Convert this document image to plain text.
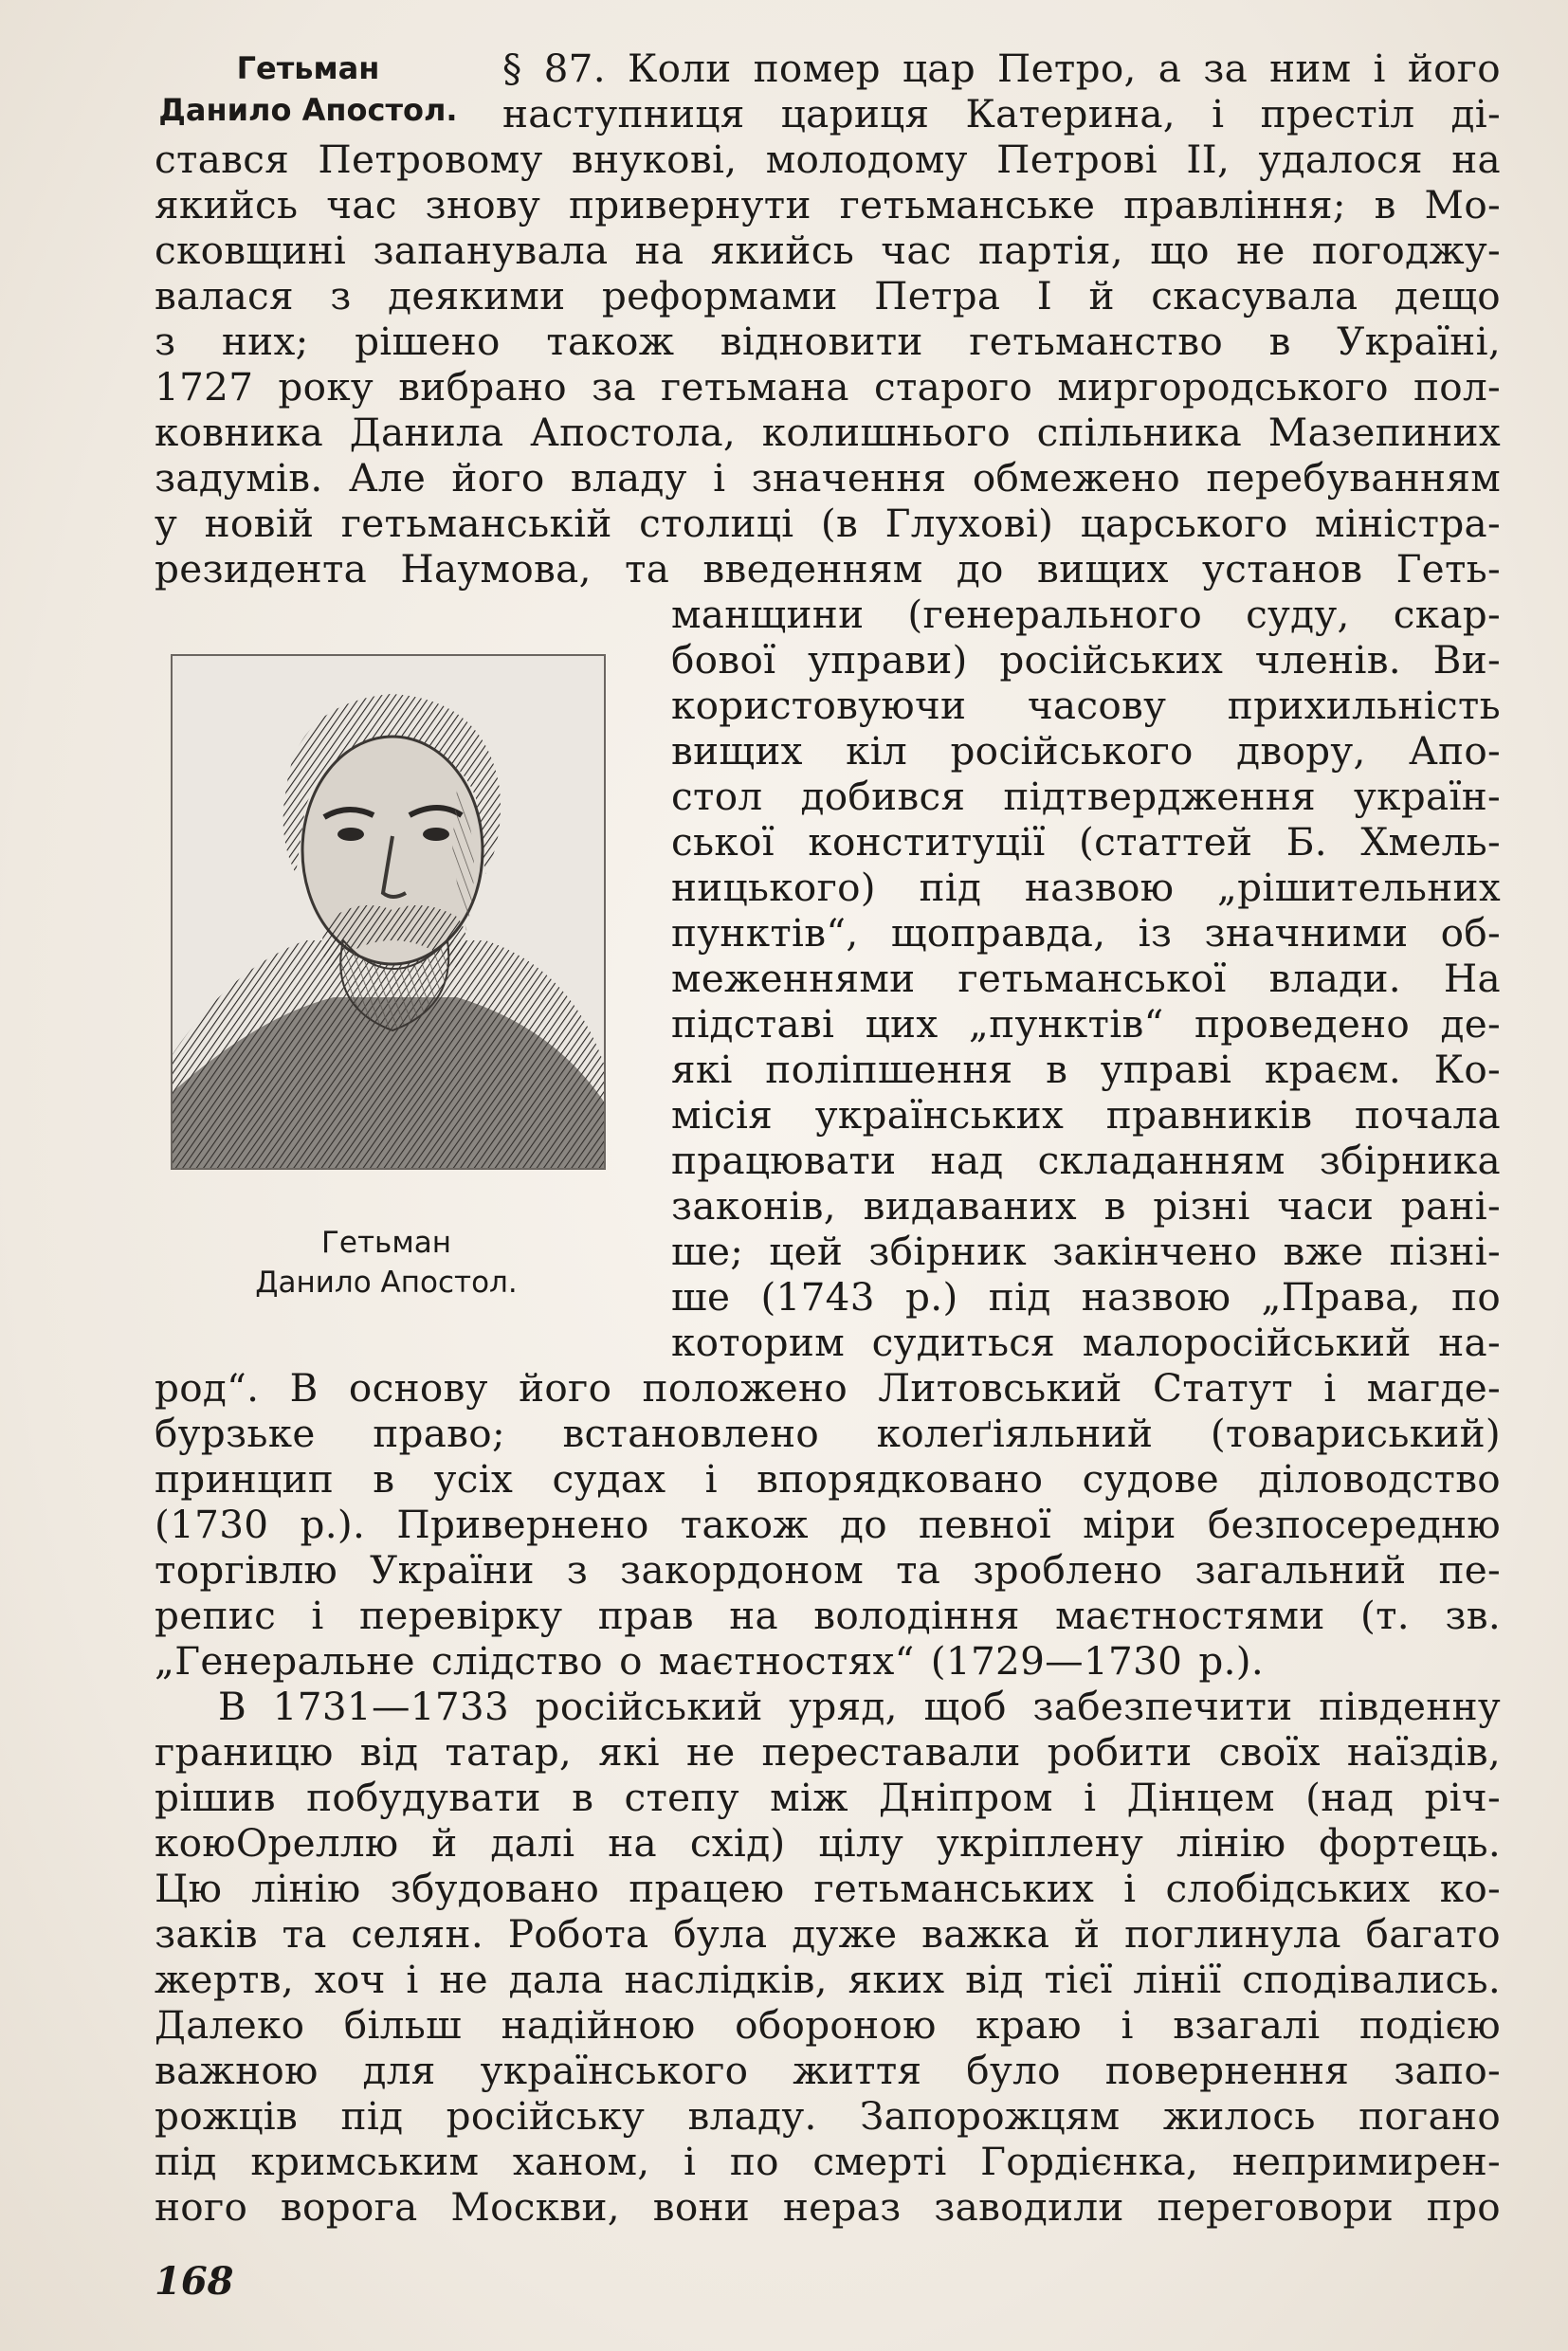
Гетьман
Данило Апостол.
§ 87. Коли помер цар Петро, а за ним і його
наступниця цариця Катерина, і престіл ді-
стався Петровому внукові, молодому Петрові II, удалося на
якийсь час знову привернути гетьманське правління; в Мо-
сковщині запанувала на якийсь час партія, що не погоджу-
валася з деякими реформами Петра І й скасувала дещо
з них; рішено також відновити гетьманство в Україні,
1727 року вибрано за гетьмана старого миргородського пол-
ковника Данила Апостола, колишнього спільника Мазепиних
задумів. Але його владу і значення обмежено перебуванням
у новій гетьманській столиці (в Глухові) царського міністра-
резидента Наумова, та введенням до вищих установ Геть-
манщини (генерального суду, скар-
бової управи) російських членів. Ви-
користовуючи часову прихильність
вищих кіл російського двору, Апо-
стол добився підтвердження україн-
ської конституції (статтей Б. Хмель-
ницького) під назвою „рішительних
пунктів“, щоправда, із значними об-
меженнями гетьманської влади. На
підставі цих „пунктів“ проведено де-
які поліпшення в управі краєм. Ко-
місія українських правників почала
працювати над складанням збірника
законів, видаваних в різні часи рані-
ше; цей збірник закінчено вже пізні-
ше (1743 р.) під назвою „Права, по
которим судиться малоросійський на-
род“. В основу його положено Литовський Статут і магде-
бурзьке право; встановлено колеґіяльний (товариський)
принцип в усіх судах і впорядковано судове діловодство
(1730 р.). Привернено також до певної міри безпосередню
торгівлю України з закордоном та зроблено загальний пе-
репис і перевірку прав на володіння маєтностями (т. зв.
„Генеральне слідство о маєтностях“ (1729—1730 р.).
В 1731—1733 російський уряд, щоб забезпечити південну
границю від татар, які не переставали робити своїх наїздів,
рішив побудувати в степу між Дніпром і Дінцем (над річ-
коюОреллю й далі на схід) цілу укріплену лінію фортець.
Цю лінію збудовано працею гетьманських і слобідських ко-
заків та селян. Робота була дуже важка й поглинула багато
жертв, хоч і не дала наслідків, яких від тієї лінії сподівались.
Далеко більш надійною обороною краю і взагалі подією
важною для українського життя було повернення запо-
рожців під російську владу. Запорожцям жилось погано
під кримським ханом, і по смерті Гордієнка, непримирен-
ного ворога Москви, вони нераз заводили переговори про
Гетьман
Данило Апостол.
168
